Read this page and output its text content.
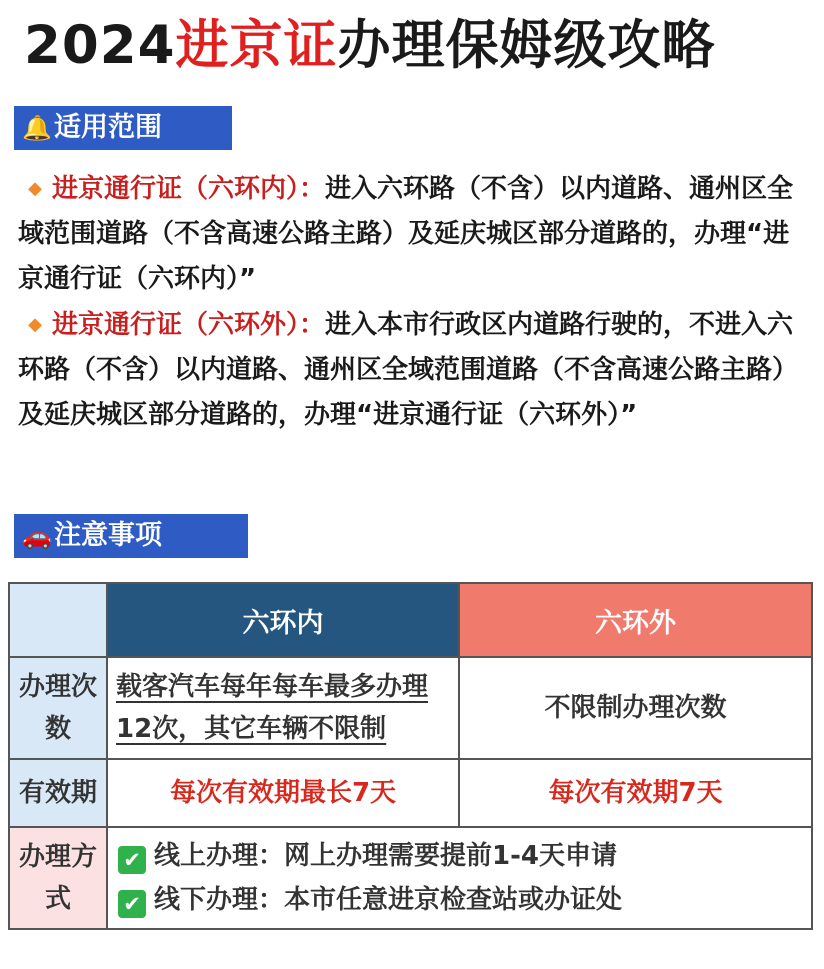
2024进京证办理保姆级攻略
🔔适用范围

◆ 进京通行证（六环内）：进入六环路（不含）以内道路、通州区全域范围道路（不含高速公路主路）及延庆城区部分道路的，办理“进京通行证（六环内）”

◆ 进京通行证（六环外）：进入本市行政区内道路行驶的，不进入六环路（不含）以内道路、通州区全域范围道路（不含高速公路主路）及延庆城区部分道路的，办理“进京通行证（六环外）”

🚗注意事项
	六环内	六环外
办理次数	载客汽车每年每车最多办理12次，其它车辆不限制	不限制办理次数
有效期	每次有效期最长7天	每次有效期7天
办理方式	✔ 线上办理：网上办理需要提前1-4天申请
✔ 线下办理：本市任意进京检查站或办证处	
